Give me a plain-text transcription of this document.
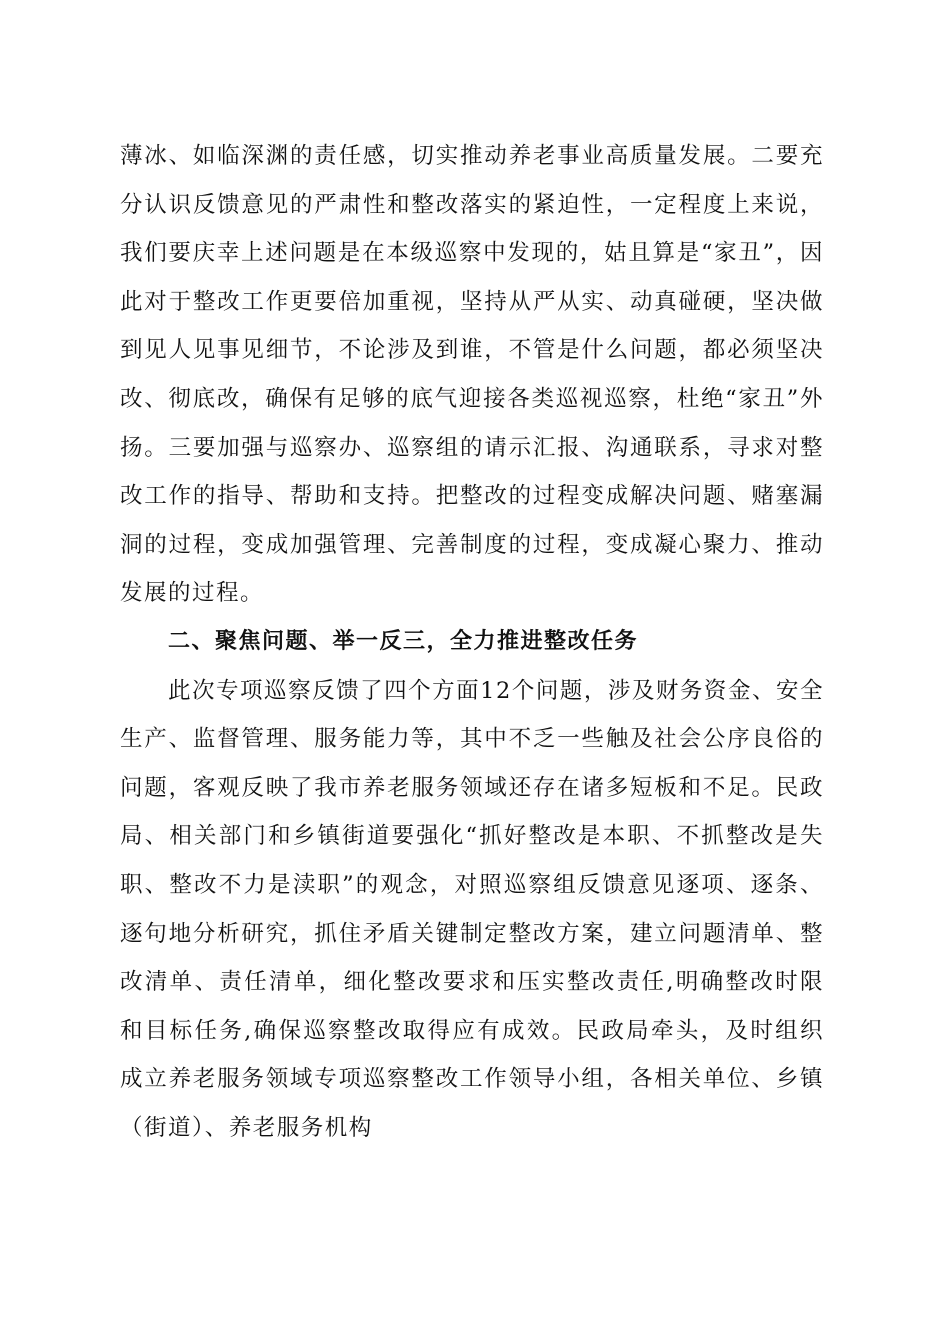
薄冰、如临深渊的责任感，切实推动养老事业高质量发展。二要充分认识反馈意见的严肃性和整改落实的紧迫性，一定程度上来说，我们要庆幸上述问题是在本级巡察中发现的，姑且算是“家丑”，因此对于整改工作更要倍加重视，坚持从严从实、动真碰硬，坚决做到见人见事见细节，不论涉及到谁，不管是什么问题，都必须坚决改、彻底改，确保有足够的底气迎接各类巡视巡察，杜绝“家丑”外扬。三要加强与巡察办、巡察组的请示汇报、沟通联系，寻求对整改工作的指导、帮助和支持。把整改的过程变成解决问题、赌塞漏洞的过程，变成加强管理、完善制度的过程，变成凝心聚力、推动发展的过程。

二、聚焦问题、举一反三，全力推进整改任务

此次专项巡察反馈了四个方面12个问题，涉及财务资金、安全生产、监督管理、服务能力等，其中不乏一些触及社会公序良俗的问题，客观反映了我市养老服务领域还存在诸多短板和不足。民政局、相关部门和乡镇街道要强化“抓好整改是本职、不抓整改是失职、整改不力是渎职”的观念，对照巡察组反馈意见逐项、逐条、逐句地分析研究，抓住矛盾关键制定整改方案，建立问题清单、整改清单、责任清单，细化整改要求和压实整改责任,明确整改时限和目标任务,确保巡察整改取得应有成效。民政局牵头，及时组织成立养老服务领域专项巡察整改工作领导小组，各相关单位、乡镇（街道）、养老服务机构
